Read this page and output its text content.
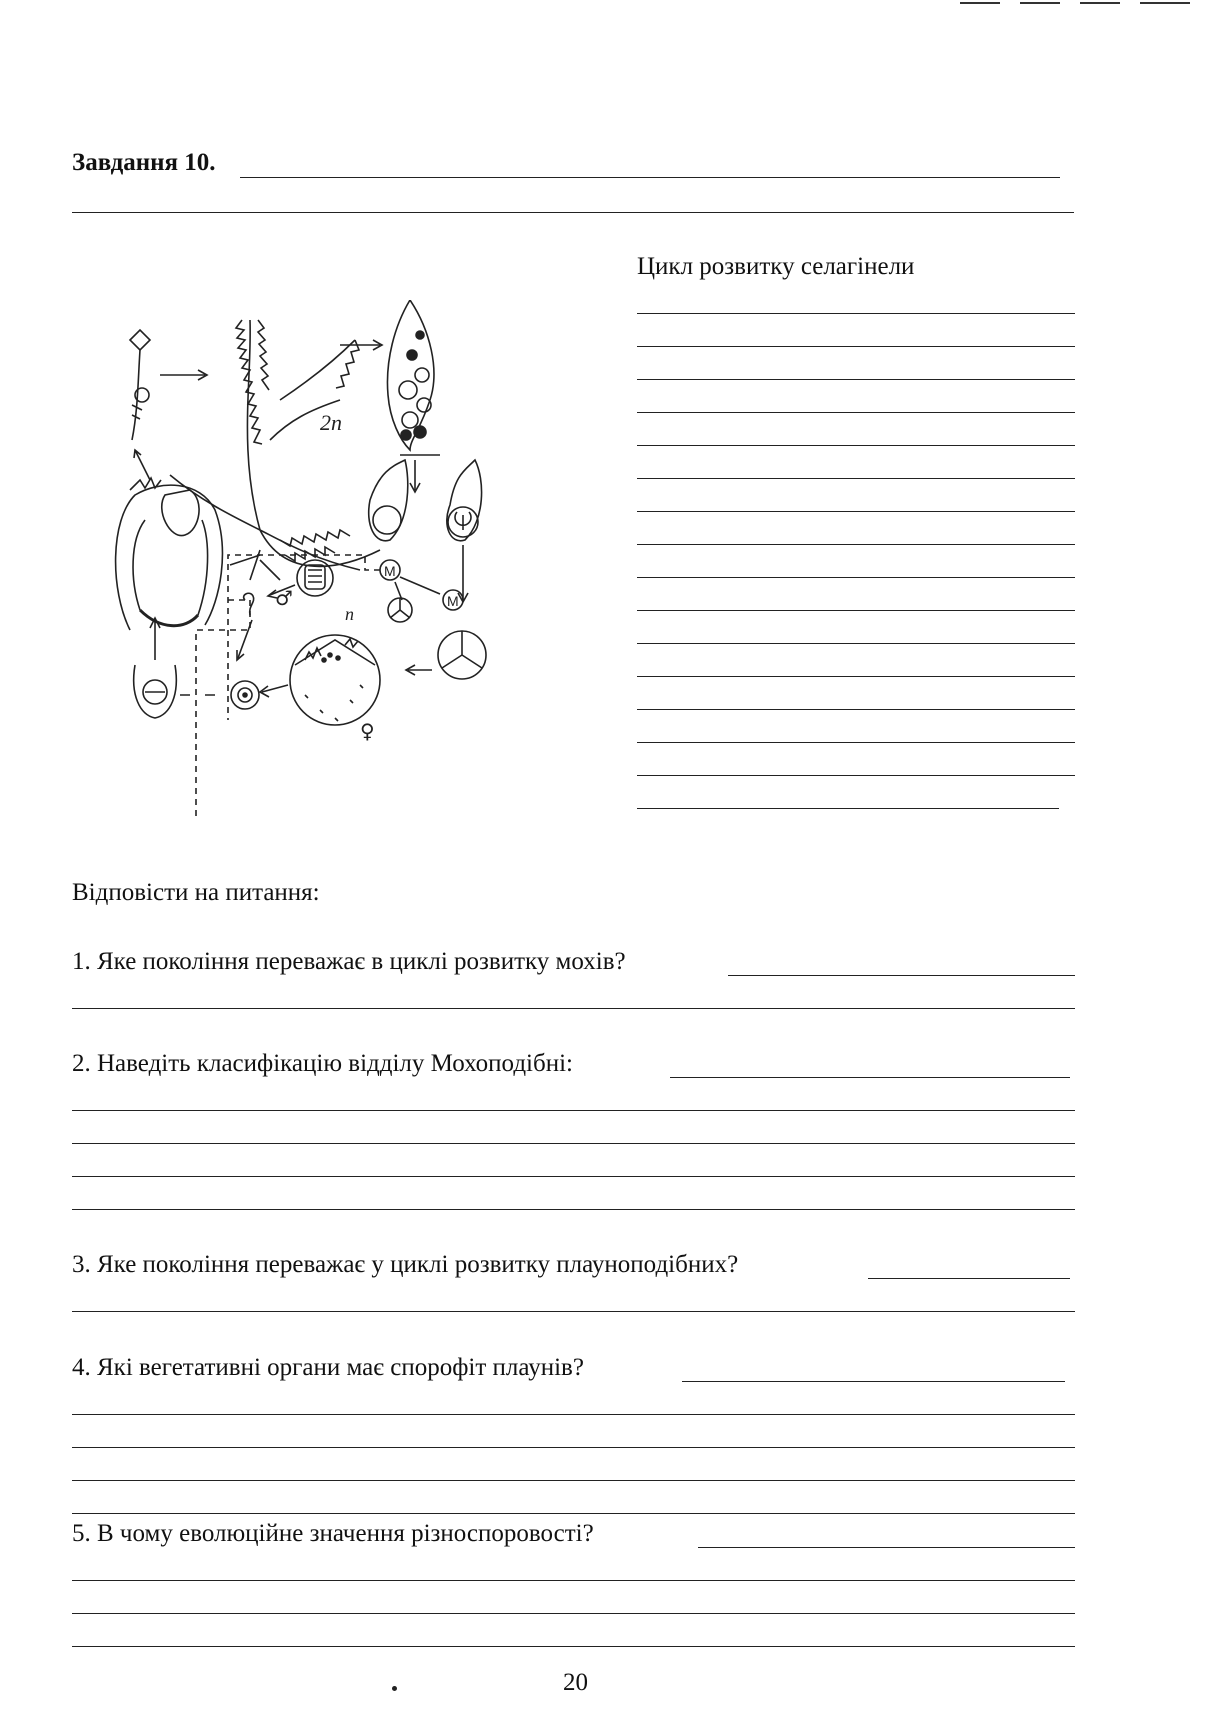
Завдання 10.
Цикл розвитку селагінели
2n
M
M
♂
n
♀
Відповісти на питання:
1. Яке покоління переважає в циклі розвитку мохів?
2. Наведіть класифікацію відділу Мохоподібні:
3. Яке покоління переважає у циклі розвитку плауноподібних?
4. Які вегетативні органи має спорофіт плаунів?
5. В чому еволюційне значення різноспоровості?
20
